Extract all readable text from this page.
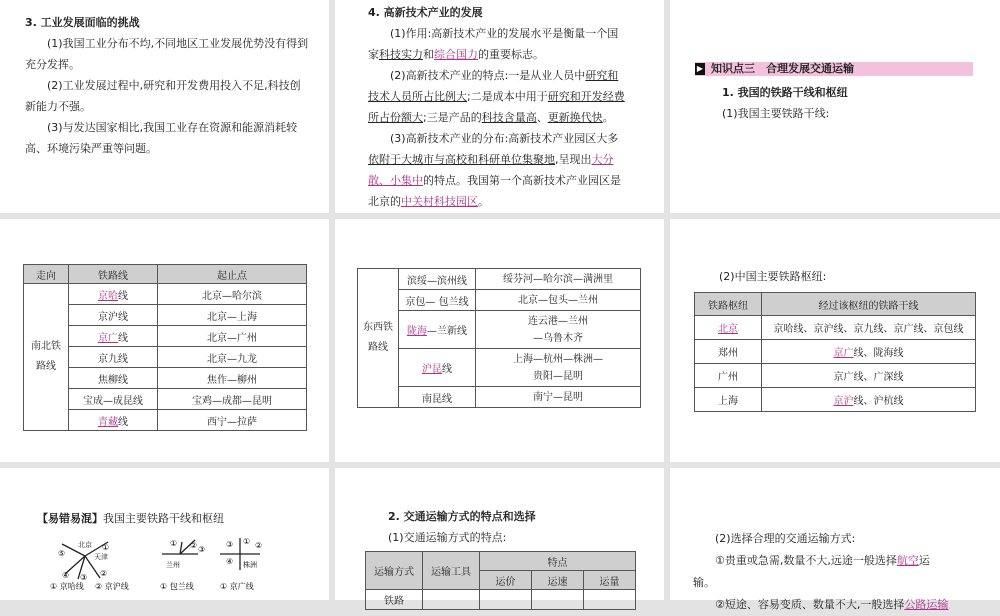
3. 工业发展面临的挑战

(1)我国工业分布不均,不同地区工业发展优势没有得到充分发挥。

(2)工业发展过程中,研究和开发费用投入不足,科技创新能力不强。

(3)与发达国家相比,我国工业存在资源和能源消耗较高、环境污染严重等问题。

4. 高新技术产业的发展

(1)作用:高新技术产业的发展水平是衡量一个国家科技实力和综合国力的重要标志。

(2)高新技术产业的特点:一是从业人员中研究和技术人员所占比例大;二是成本中用于研究和开发经费所占份额大;三是产品的科技含量高、更新换代快。

(3)高新技术产业的分布:高新技术产业园区大多依附于大城市与高校和科研单位集聚地,呈现出大分散、小集中的特点。我国第一个高新技术产业园区是北京的中关村科技园区。

▶ 知识点三　合理发展交通运输
1. 我国的铁路干线和枢纽
(1)我国主要铁路干线:
走向	铁路线	起止点
南北铁路线	京哈线	北京—哈尔滨
	京沪线	北京—上海
	京广线	北京—广州
	京九线	北京—九龙
	焦柳线	焦作—柳州
	宝成—成昆线	宝鸡—成都—昆明
	青藏线	西宁—拉萨
东西铁路线	滨绥—滨州线	绥芬河—哈尔滨—满洲里

	京包— 包兰线	北京—包头—兰州

	陇海—兰新线	连云港—兰州
—乌鲁木齐

	沪昆线	上海—杭州—株洲—
贵阳—昆明

	南昆线	南宁—昆明
(2)中国主要铁路枢纽:
铁路枢纽	经过该枢纽的铁路干线
北京	京哈线、京沪线、京九线、京广线、京包线
郑州	京广线、陇海线
广州	京广线、广深线
上海	京沪线、沪杭线
【易错易混】我国主要铁路干线和枢纽
北京
天津
⑤
①
④ ③ ②
兰州
① ② ③
株洲
③ ① ②
④
① 京哈线 ② 京沪线	① 包兰线	① 京广线
2. 交通运输方式的特点和选择
(1)交通运输方式的特点:
运输方式	运输工具	特点		
		运价	运速	运量
铁路				

(2)选择合理的交通运输方式:

①贵重或急需,数量不大,远途一般选择航空运

输。

②短途、容易变质、数量不大,一般选择公路运输
